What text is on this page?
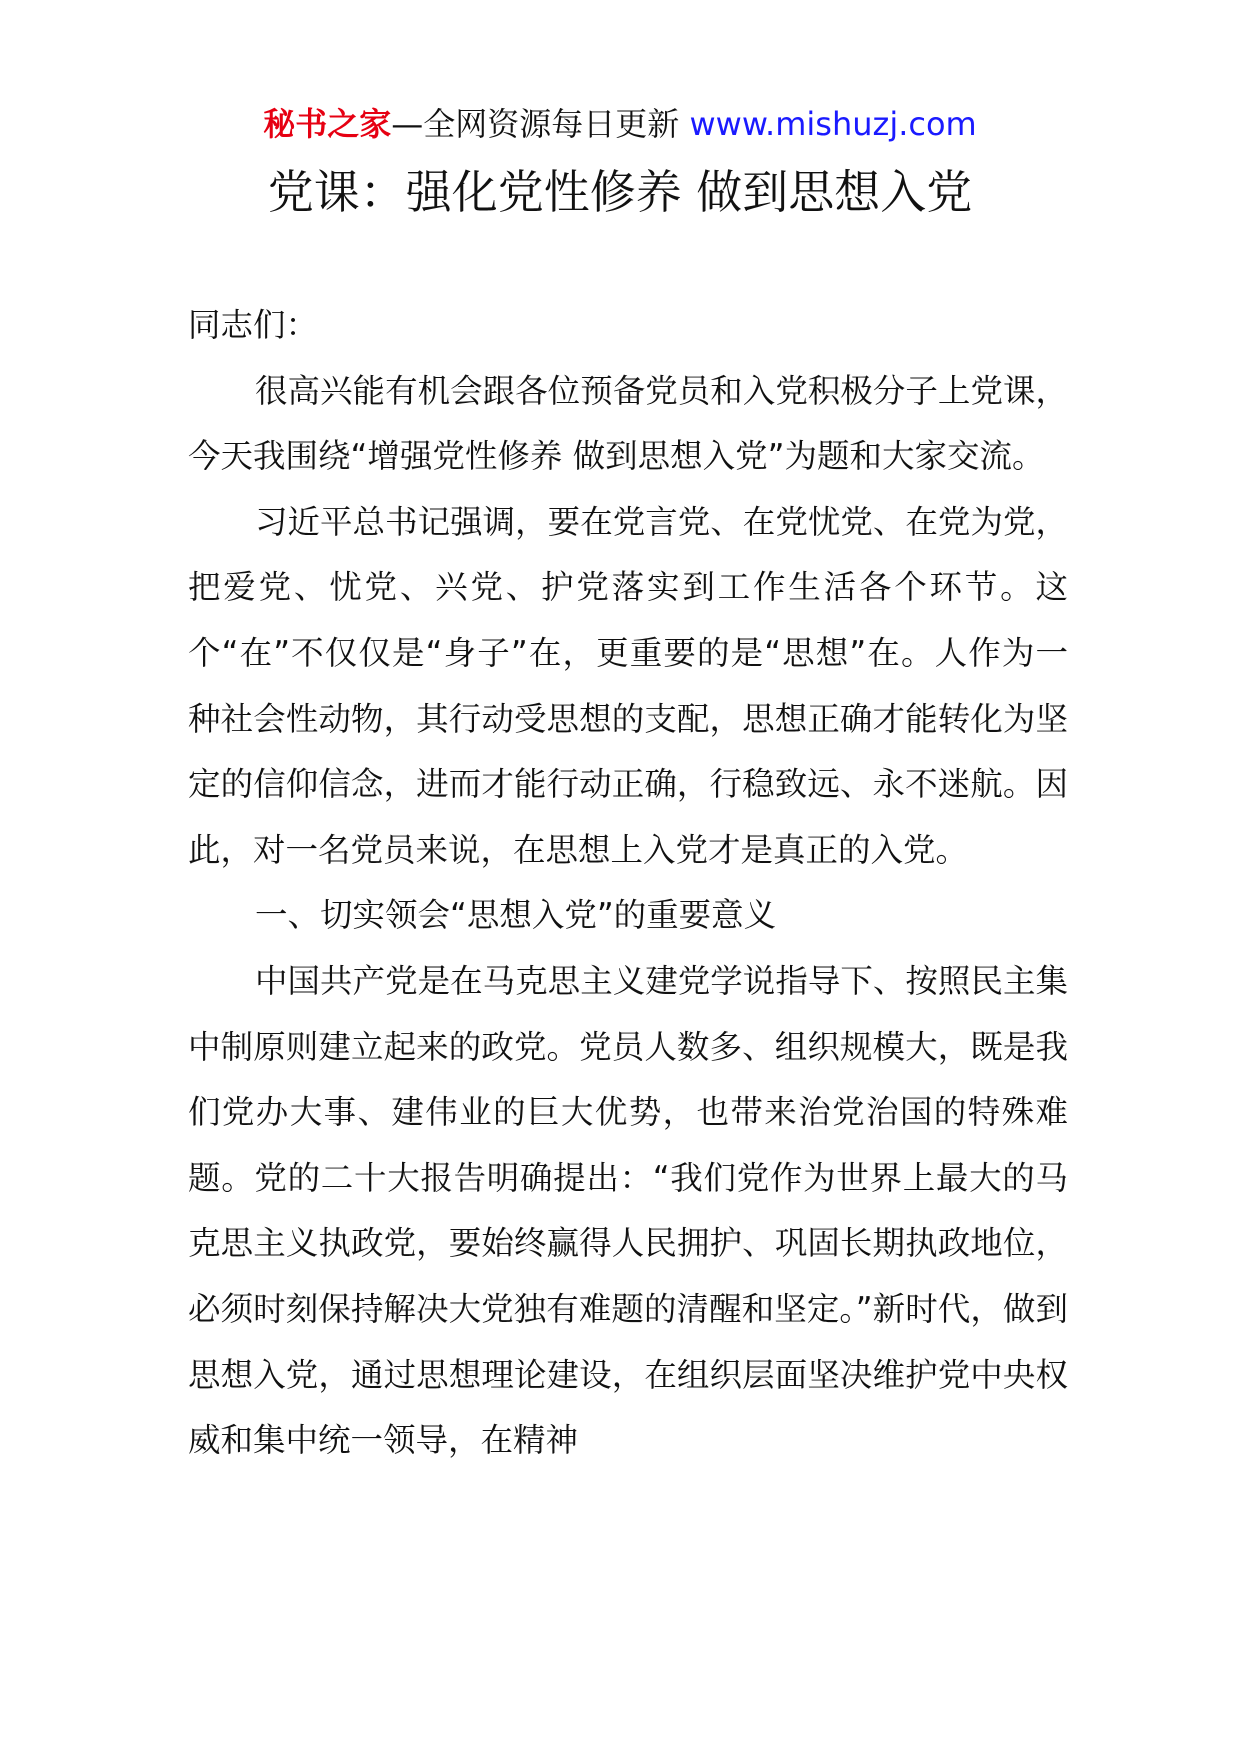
秘书之家—全网资源每日更新 www.mishuzj.com
党课：强化党性修养 做到思想入党

同志们：

很高兴能有机会跟各位预备党员和入党积极分子上党课，今天我围绕“增强党性修养 做到思想入党”为题和大家交流。

习近平总书记强调，要在党言党、在党忧党、在党为党，把爱党、忧党、兴党、护党落实到工作生活各个环节。这个“在”不仅仅是“身子”在，更重要的是“思想”在。人作为一种社会性动物，其行动受思想的支配，思想正确才能转化为坚定的信仰信念，进而才能行动正确，行稳致远、永不迷航。因此，对一名党员来说，在思想上入党才是真正的入党。

一、切实领会“思想入党”的重要意义

中国共产党是在马克思主义建党学说指导下、按照民主集中制原则建立起来的政党。党员人数多、组织规模大，既是我们党办大事、建伟业的巨大优势，也带来治党治国的特殊难题。党的二十大报告明确提出：“我们党作为世界上最大的马克思主义执政党，要始终赢得人民拥护、巩固长期执政地位，必须时刻保持解决大党独有难题的清醒和坚定。”新时代，做到思想入党，通过思想理论建设，在组织层面坚决维护党中央权威和集中统一领导，在精神
